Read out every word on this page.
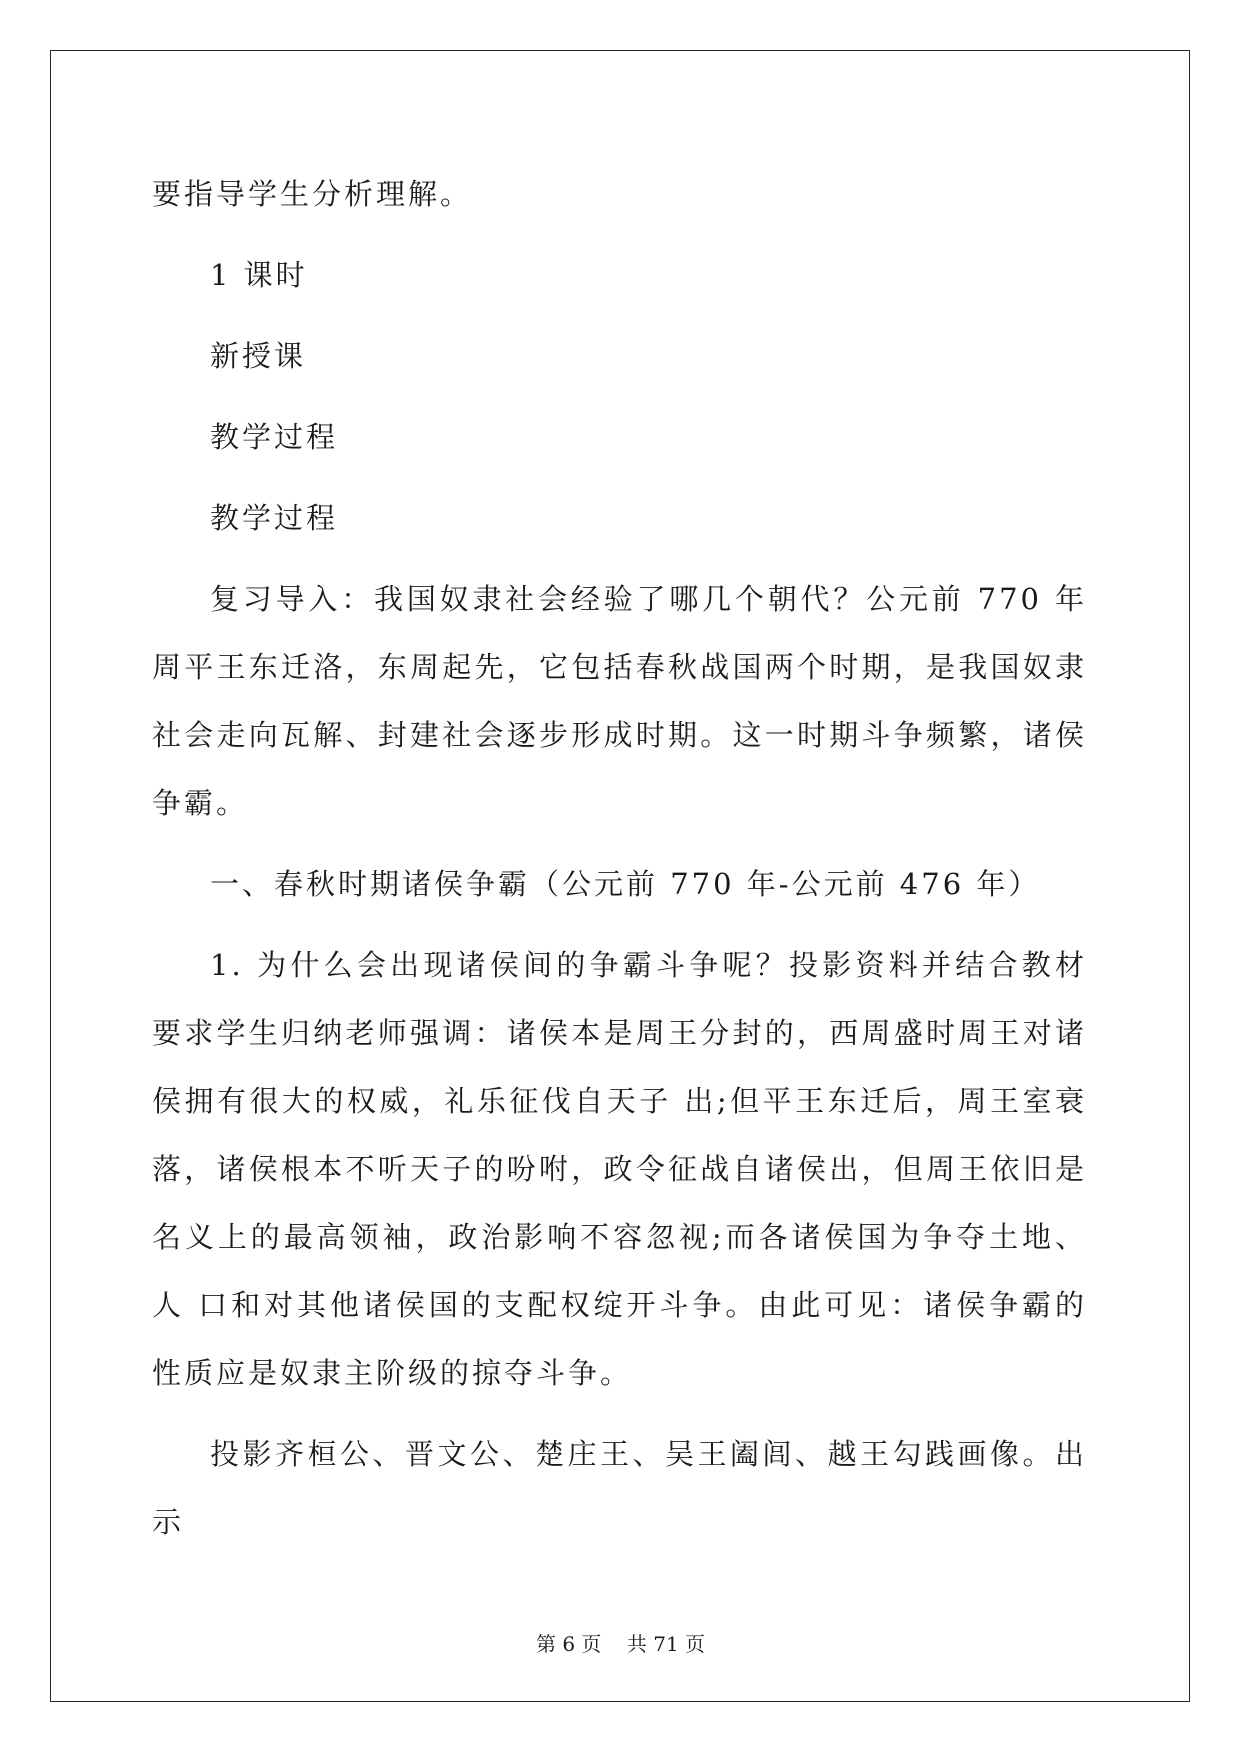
要指导学生分析理解。

1 课时

新授课

教学过程

教学过程

复习导入：我国奴隶社会经验了哪几个朝代？公元前 770 年周平王东迁洛，东周起先，它包括春秋战国两个时期，是我国奴隶社会走向瓦解、封建社会逐步形成时期。这一时期斗争频繁，诸侯争霸。

一、春秋时期诸侯争霸（公元前 770 年-公元前 476 年）

1. 为什么会出现诸侯间的争霸斗争呢？投影资料并结合教材要求学生归纳老师强调：诸侯本是周王分封的，西周盛时周王对诸侯拥有很大的权威，礼乐征伐自天子 出;但平王东迁后，周王室衰落，诸侯根本不听天子的吩咐，政令征战自诸侯出，但周王依旧是名义上的最高领袖，政治影响不容忽视;而各诸侯国为争夺土地、人 口和对其他诸侯国的支配权绽开斗争。由此可见：诸侯争霸的性质应是奴隶主阶级的掠夺斗争。

投影齐桓公、晋文公、楚庄王、吴王阖闾、越王勾践画像。出示

第 6 页 共 71 页
